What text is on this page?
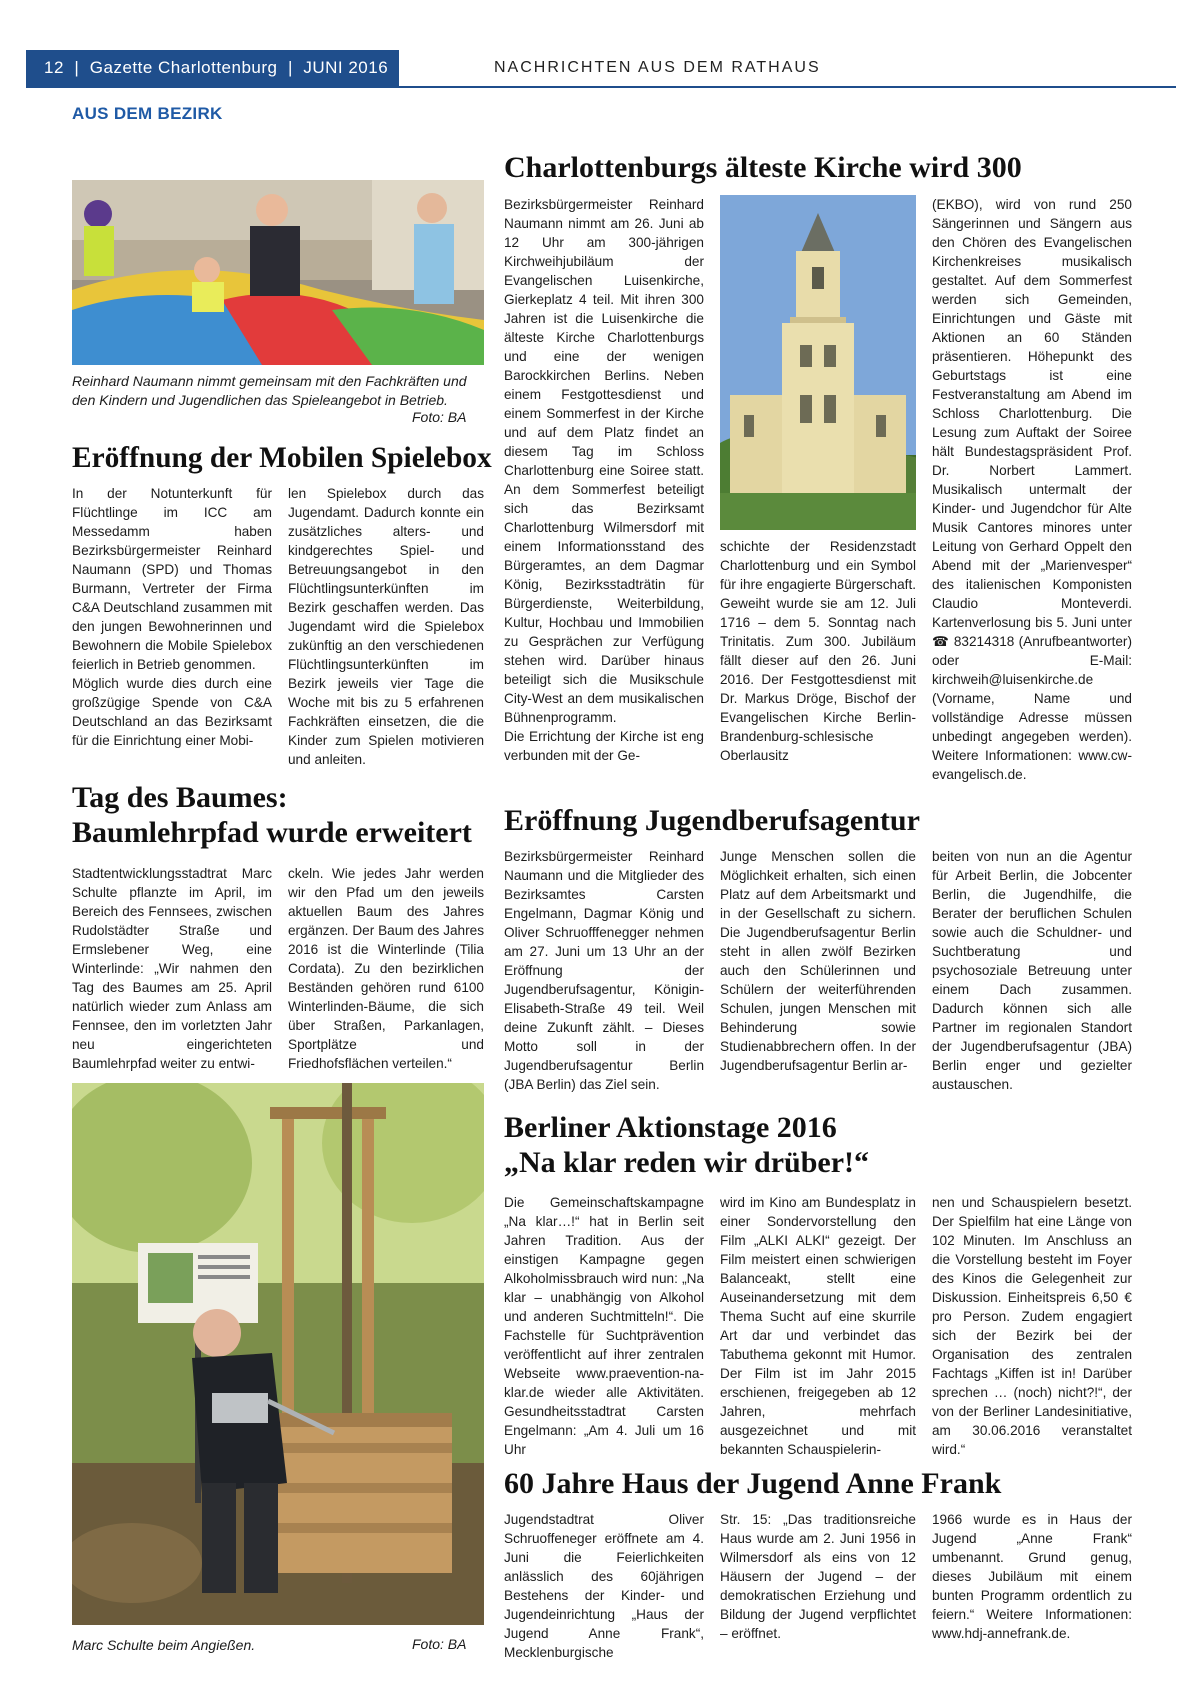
12  |  Gazette Charlottenburg  |  JUNI 2016	NACHRICHTEN AUS DEM RATHAUS
AUS DEM BEZIRK
Reinhard Naumann nimmt gemeinsam mit den Fachkräften und den Kindern und Jugendlichen das Spieleangebot in Betrieb.
Foto: BA
Eröffnung der Mobilen Spielebox

In der Notunterkunft für Flüchtlinge im ICC am Messedamm haben Bezirksbürgermeister Reinhard Naumann (SPD) und Thomas Burmann, Vertreter der Firma C&A Deutschland zusammen mit den jungen Bewohnerinnen und Bewohnern die Mobile Spielebox feierlich in Betrieb genommen.

Möglich wurde dies durch eine großzügige Spende von C&A Deutschland an das Bezirksamt für die Einrichtung einer Mobi-

len Spielebox durch das Jugendamt. Dadurch konnte ein zusätzliches alters- und kindgerechtes Spiel- und Betreuungsangebot in den Flüchtlingsunterkünften im Bezirk geschaffen werden. Das Jugendamt wird die Spielebox zukünftig an den verschiedenen Flüchtlingsunterkünften im Bezirk jeweils vier Tage die Woche mit bis zu 5 erfahrenen Fachkräften einsetzen, die die Kinder zum Spielen motivieren und anleiten.

Charlottenburgs älteste Kirche wird 300

Bezirksbürgermeister Reinhard Naumann nimmt am 26. Juni ab 12 Uhr am 300-jährigen Kirchweihjubiläum der Evangelischen Luisenkirche, Gierkeplatz 4 teil. Mit ihren 300 Jahren ist die Luisenkirche die älteste Kirche Charlottenburgs und eine der wenigen Barockkirchen Berlins. Neben einem Festgottesdienst und einem Sommerfest in der Kirche und auf dem Platz findet an diesem Tag im Schloss Charlottenburg eine Soiree statt. An dem Sommerfest beteiligt sich das Bezirksamt Charlottenburg Wilmersdorf mit einem Informationsstand des Bürgeramtes, an dem Dagmar König, Bezirksstadträtin für Bürgerdienste, Weiterbildung, Kultur, Hochbau und Immobilien zu Gesprächen zur Verfügung stehen wird. Darüber hinaus beteiligt sich die Musikschule City-West an dem musikalischen Bühnenprogramm.

Die Errichtung der Kirche ist eng verbunden mit der Ge-

schichte der Residenzstadt Charlottenburg und ein Symbol für ihre engagierte Bürgerschaft. Geweiht wurde sie am 12. Juli 1716 – dem 5. Sonntag nach Trinitatis. Zum 300. Jubiläum fällt dieser auf den 26. Juni 2016. Der Festgottesdienst mit Dr. Markus Dröge, Bischof der Evangelischen Kirche Berlin-Brandenburg-schlesische Oberlausitz

(EKBO), wird von rund 250 Sängerinnen und Sängern aus den Chören des Evangelischen Kirchenkreises musikalisch gestaltet. Auf dem Sommerfest werden sich Gemeinden, Einrichtungen und Gäste mit Aktionen an 60 Ständen präsentieren. Höhepunkt des Geburtstags ist eine Festveranstaltung am Abend im Schloss Charlottenburg. Die Lesung zum Auftakt der Soiree hält Bundestagspräsident Prof. Dr. Norbert Lammert. Musikalisch untermalt der Kinder- und Jugendchor für Alte Musik Cantores minores unter Leitung von Gerhard Oppelt den Abend mit der „Marienvesper“ des italienischen Komponisten Claudio Monteverdi. Kartenverlosung bis 5. Juni unter ☎ 83214318 (Anrufbeantworter) oder E-Mail: kirchweih@luisenkirche.de (Vorname, Name und vollständige Adresse müssen unbedingt angegeben werden). Weitere Informationen: www.cw-evangelisch.de.

Tag des Baumes:
Baumlehrpfad wurde erweitert

Stadtentwicklungsstadtrat Marc Schulte pflanzte im April, im Bereich des Fennsees, zwischen Rudolstädter Straße und Ermslebener Weg, eine Winterlinde: „Wir nahmen den Tag des Baumes am 25. April natürlich wieder zum Anlass am Fennsee, den im vorletzten Jahr neu eingerichteten Baumlehrpfad weiter zu entwi-

ckeln. Wie jedes Jahr werden wir den Pfad um den jeweils aktuellen Baum des Jahres ergänzen. Der Baum des Jahres 2016 ist die Winterlinde (Tilia Cordata). Zu den bezirklichen Beständen gehören rund 6100 Winterlinden-Bäume, die sich über Straßen, Parkanlagen, Sportplätze und Friedhofsflächen verteilen.“

Marc Schulte beim Angießen.	Foto: BA
Eröffnung Jugendberufsagentur

Bezirksbürgermeister Reinhard Naumann und die Mitglieder des Bezirksamtes Carsten Engelmann, Dagmar König und Oliver Schruofffenegger nehmen am 27. Juni um 13 Uhr an der Eröffnung der Jugendberufsagentur, Königin-Elisabeth-Straße 49 teil. Weil deine Zukunft zählt. – Dieses Motto soll in der Jugendberufsagentur Berlin (JBA Berlin) das Ziel sein.

Junge Menschen sollen die Möglichkeit erhalten, sich einen Platz auf dem Arbeitsmarkt und in der Gesellschaft zu sichern. Die Jugendberufsagentur Berlin steht in allen zwölf Bezirken auch den Schülerinnen und Schülern der weiterführenden Schulen, jungen Menschen mit Behinderung sowie Studienabbrechern offen. In der Jugendberufsagentur Berlin ar-

beiten von nun an die Agentur für Arbeit Berlin, die Jobcenter Berlin, die Jugendhilfe, die Berater der beruflichen Schulen sowie auch die Schuldner- und Suchtberatung und psychosoziale Betreuung unter einem Dach zusammen. Dadurch können sich alle Partner im regionalen Standort der Jugendberufsagentur (JBA) Berlin enger und gezielter austauschen.

Berliner Aktionstage 2016
„Na klar reden wir drüber!“

Die Gemeinschaftskampagne „Na klar…!“ hat in Berlin seit Jahren Tradition. Aus der einstigen Kampagne gegen Alkoholmissbrauch wird nun: „Na klar – unabhängig von Alkohol und anderen Suchtmitteln!“. Die Fachstelle für Suchtprävention veröffentlicht auf ihrer zentralen Webseite www.praevention-na-klar.de wieder alle Aktivitäten. Gesundheitsstadtrat Carsten Engelmann: „Am 4. Juli um 16 Uhr

wird im Kino am Bundesplatz in einer Sondervorstellung den Film „ALKI ALKI“ gezeigt. Der Film meistert einen schwierigen Balanceakt, stellt eine Auseinandersetzung mit dem Thema Sucht auf eine skurrile Art dar und verbindet das Tabuthema gekonnt mit Humor. Der Film ist im Jahr 2015 erschienen, freigegeben ab 12 Jahren, mehrfach ausgezeichnet und mit bekannten Schauspielerin-

nen und Schauspielern besetzt. Der Spielfilm hat eine Länge von 102 Minuten. Im Anschluss an die Vorstellung besteht im Foyer des Kinos die Gelegenheit zur Diskussion. Einheitspreis 6,50 € pro Person. Zudem engagiert sich der Bezirk bei der Organisation des zentralen Fachtags „Kiffen ist in! Darüber sprechen … (noch) nicht?!“, der von der Berliner Landesinitiative, am 30.06.2016 veranstaltet wird.“

60 Jahre Haus der Jugend Anne Frank

Jugendstadtrat Oliver Schruoffeneger eröffnete am 4. Juni die Feierlichkeiten anlässlich des 60jährigen Bestehens der Kinder- und Jugendeinrichtung „Haus der Jugend Anne Frank“, Mecklenburgische

Str. 15: „Das traditionsreiche Haus wurde am 2. Juni 1956 in Wilmersdorf als eins von 12 Häusern der Jugend – der demokratischen Erziehung und Bildung der Jugend verpflichtet – eröffnet.

1966 wurde es in Haus der Jugend „Anne Frank“ umbenannt. Grund genug, dieses Jubiläum mit einem bunten Programm ordentlich zu feiern.“ Weitere Informationen: www.hdj-annefrank.de.
